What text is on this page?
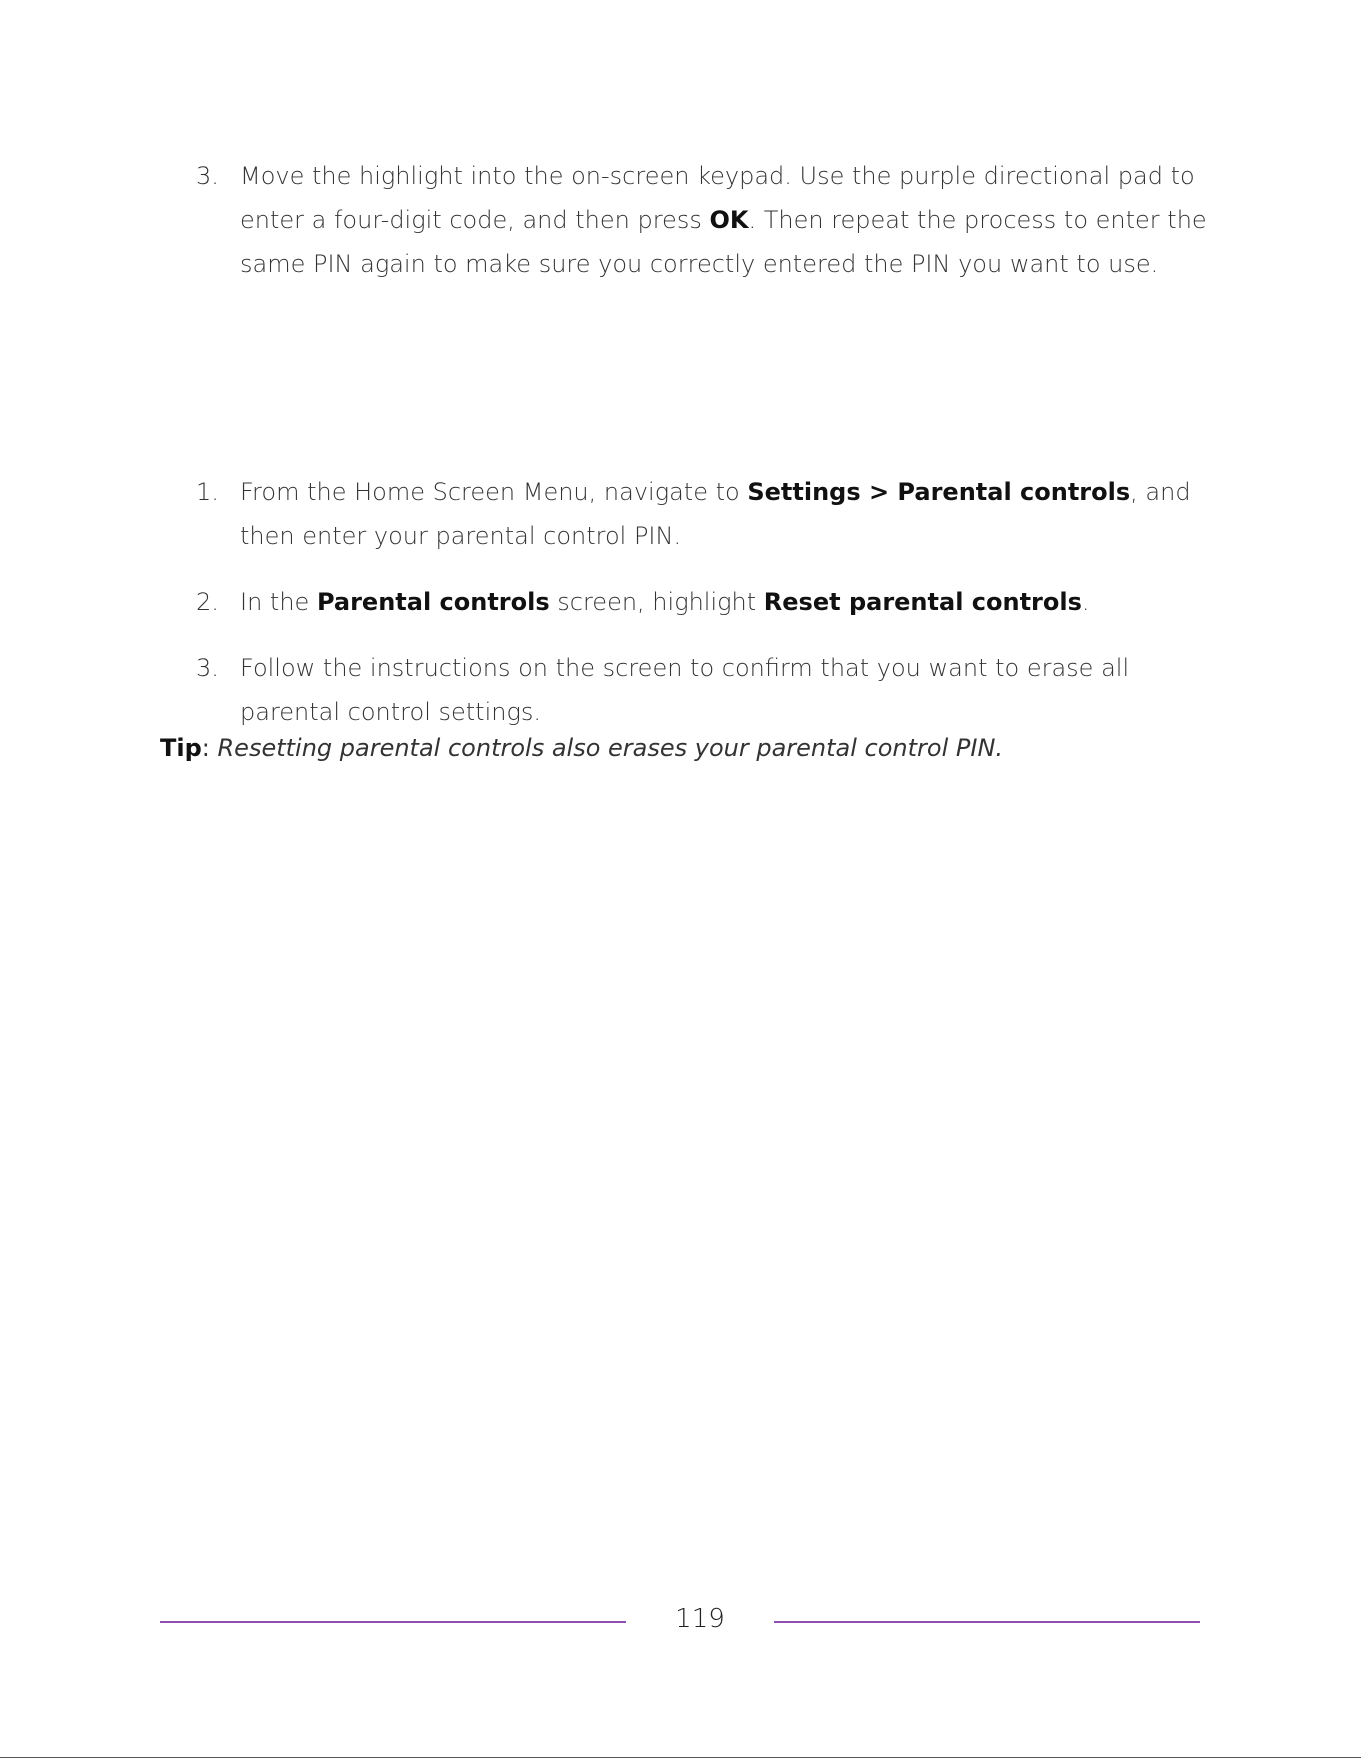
3. Move the highlight into the on-screen keypad. Use the purple directional pad to enter a four-digit code, and then press OK. Then repeat the process to enter the same PIN again to make sure you correctly entered the PIN you want to use.
1. From the Home Screen Menu, navigate to Settings > Parental controls, and then enter your parental control PIN.
2. In the Parental controls screen, highlight Reset parental controls.
3. Follow the instructions on the screen to confirm that you want to erase all parental control settings.
Tip: Resetting parental controls also erases your parental control PIN.
119
